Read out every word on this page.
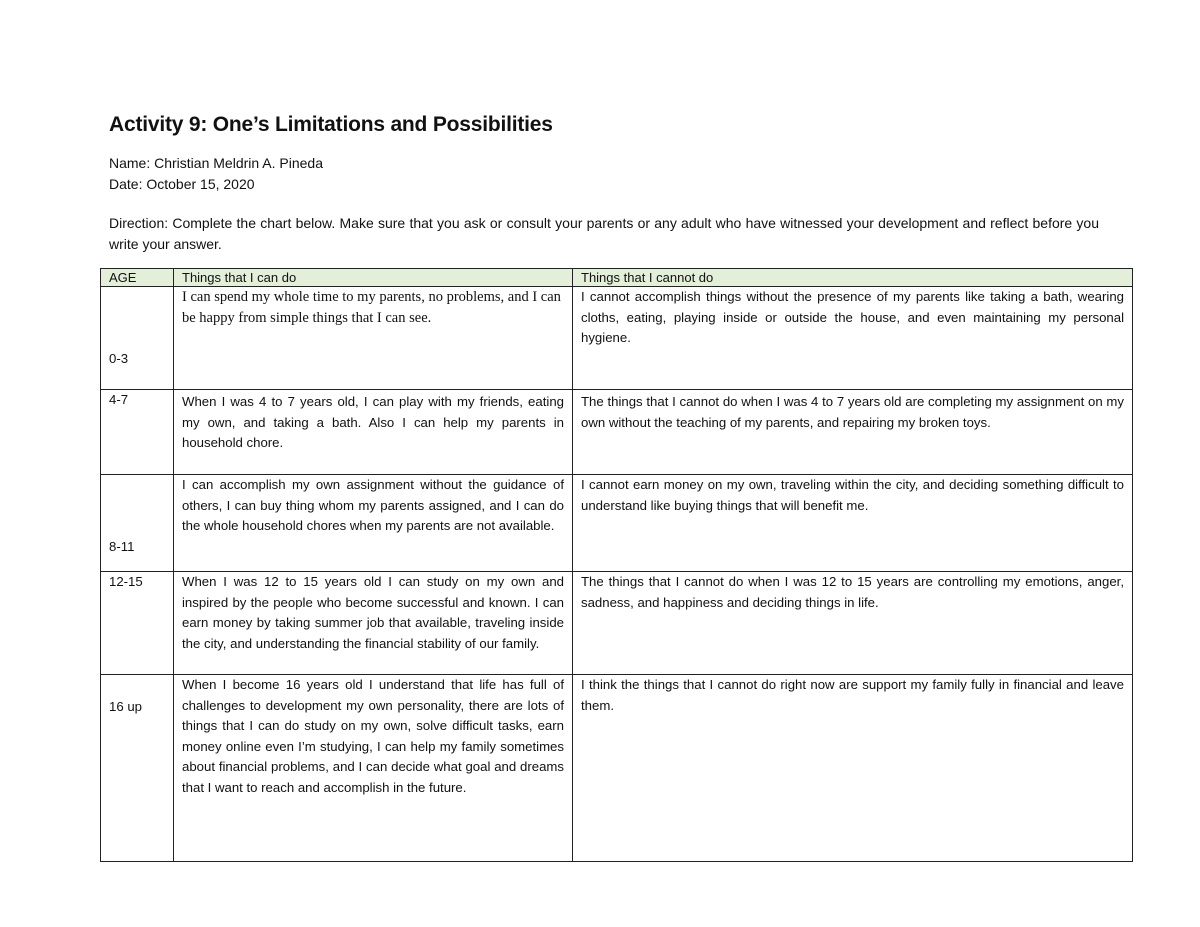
Activity 9: One’s Limitations and Possibilities
Name: Christian Meldrin A. Pineda
Date: October 15, 2020
Direction: Complete the chart below. Make sure that you ask or consult your parents or any adult who have witnessed your development and reflect before you write your answer.
AGE	Things that I can do	Things that I cannot do
0-3	I can spend my whole time to my parents, no problems, and I can be happy from simple things that I can see.	I cannot accomplish things without the presence of my parents like taking a bath, wearing cloths, eating, playing inside or outside the house, and even maintaining my personal hygiene.
4-7	When I was 4 to 7 years old, I can play with my friends, eating my own, and taking a bath. Also I can help my parents in household chore.	The things that I cannot do when I was 4 to 7 years old are completing my assignment on my own without the teaching of my parents, and repairing my broken toys.
8-11	I can accomplish my own assignment without the guidance of others, I can buy thing whom my parents assigned, and I can do the whole household chores when my parents are not available.	I cannot earn money on my own, traveling within the city, and deciding something difficult to understand like buying things that will benefit me.
12-15	When I was 12 to 15 years old I can study on my own and inspired by the people who become successful and known. I can earn money by taking summer job that available, traveling inside the city, and understanding the financial stability of our family.	The things that I cannot do when I was 12 to 15 years are controlling my emotions, anger, sadness, and happiness and deciding things in life.
16 up	When I become 16 years old I understand that life has full of challenges to development my own personality, there are lots of things that I can do study on my own, solve difficult tasks, earn money online even I’m studying, I can help my family sometimes about financial problems, and I can decide what goal and dreams that I want to reach and accomplish in the future.	I think the things that I cannot do right now are support my family fully in financial and leave them.
